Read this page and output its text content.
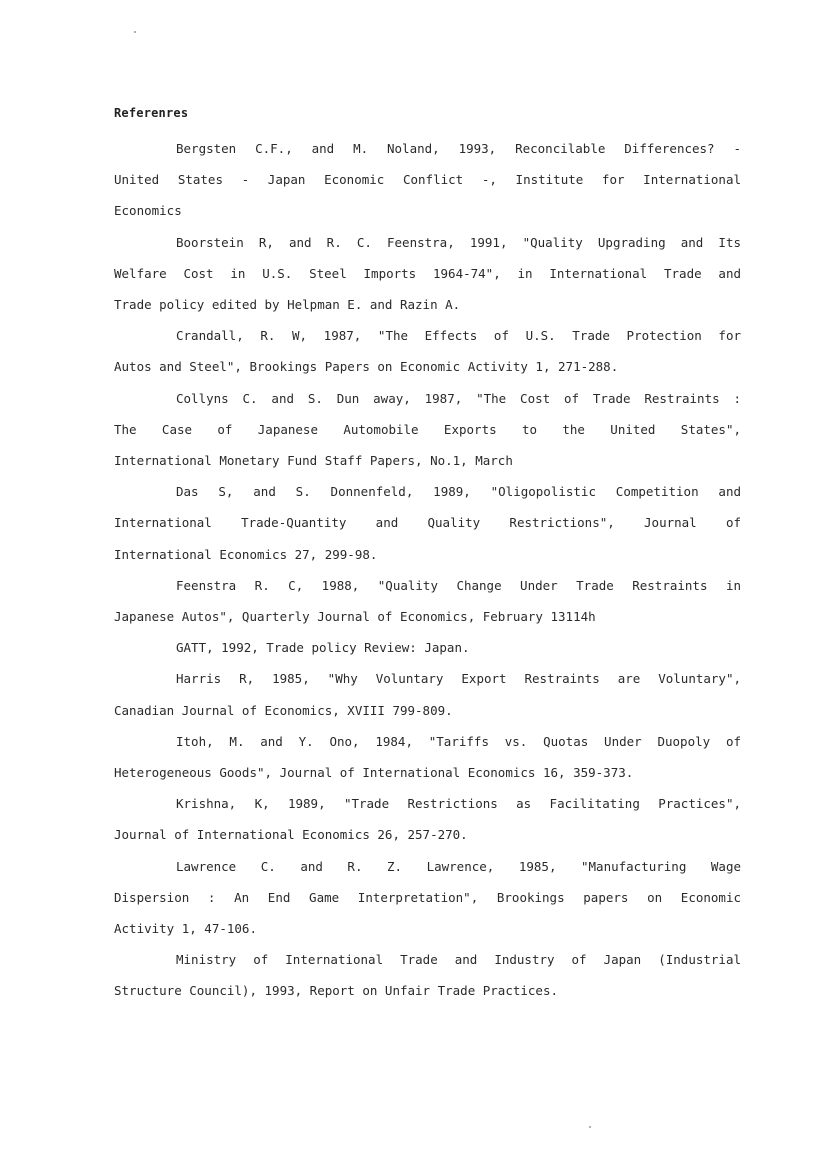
Referenres
Bergsten C.F., and M. Noland, 1993, Reconcilable Differences? -
United States - Japan Economic Conflict -, Institute for International
Economics
Boorstein R, and R. C. Feenstra, 1991, "Quality Upgrading and Its
Welfare Cost in U.S. Steel Imports 1964-74", in International Trade and
Trade policy edited by Helpman E. and Razin A.
Crandall, R. W, 1987, "The Effects of U.S. Trade Protection for
Autos and Steel", Brookings Papers on Economic Activity 1, 271-288.
Collyns C. and S. Dun away, 1987, "The Cost of Trade Restraints :
The Case of Japanese Automobile Exports to the United States",
International Monetary Fund Staff Papers, No.1, March
Das S, and S. Donnenfeld, 1989, "Oligopolistic Competition and
International Trade-Quantity and Quality Restrictions", Journal of
International Economics 27, 299-98.
Feenstra R. C, 1988, "Quality Change Under Trade Restraints in
Japanese Autos", Quarterly Journal of Economics, February 13114h
GATT, 1992, Trade policy Review: Japan.
Harris R, 1985, "Why Voluntary Export Restraints are Voluntary",
Canadian Journal of Economics, XVIII 799-809.
Itoh, M. and Y. Ono, 1984, "Tariffs vs. Quotas Under Duopoly of
Heterogeneous Goods", Journal of International Economics 16, 359-373.
Krishna, K, 1989, "Trade Restrictions as Facilitating Practices",
Journal of International Economics 26, 257-270.
Lawrence C. and R. Z. Lawrence, 1985, "Manufacturing Wage
Dispersion : An End Game Interpretation", Brookings papers on Economic
Activity 1, 47-106.
Ministry of International Trade and Industry of Japan (Industrial
Structure Council), 1993, Report on Unfair Trade Practices.
